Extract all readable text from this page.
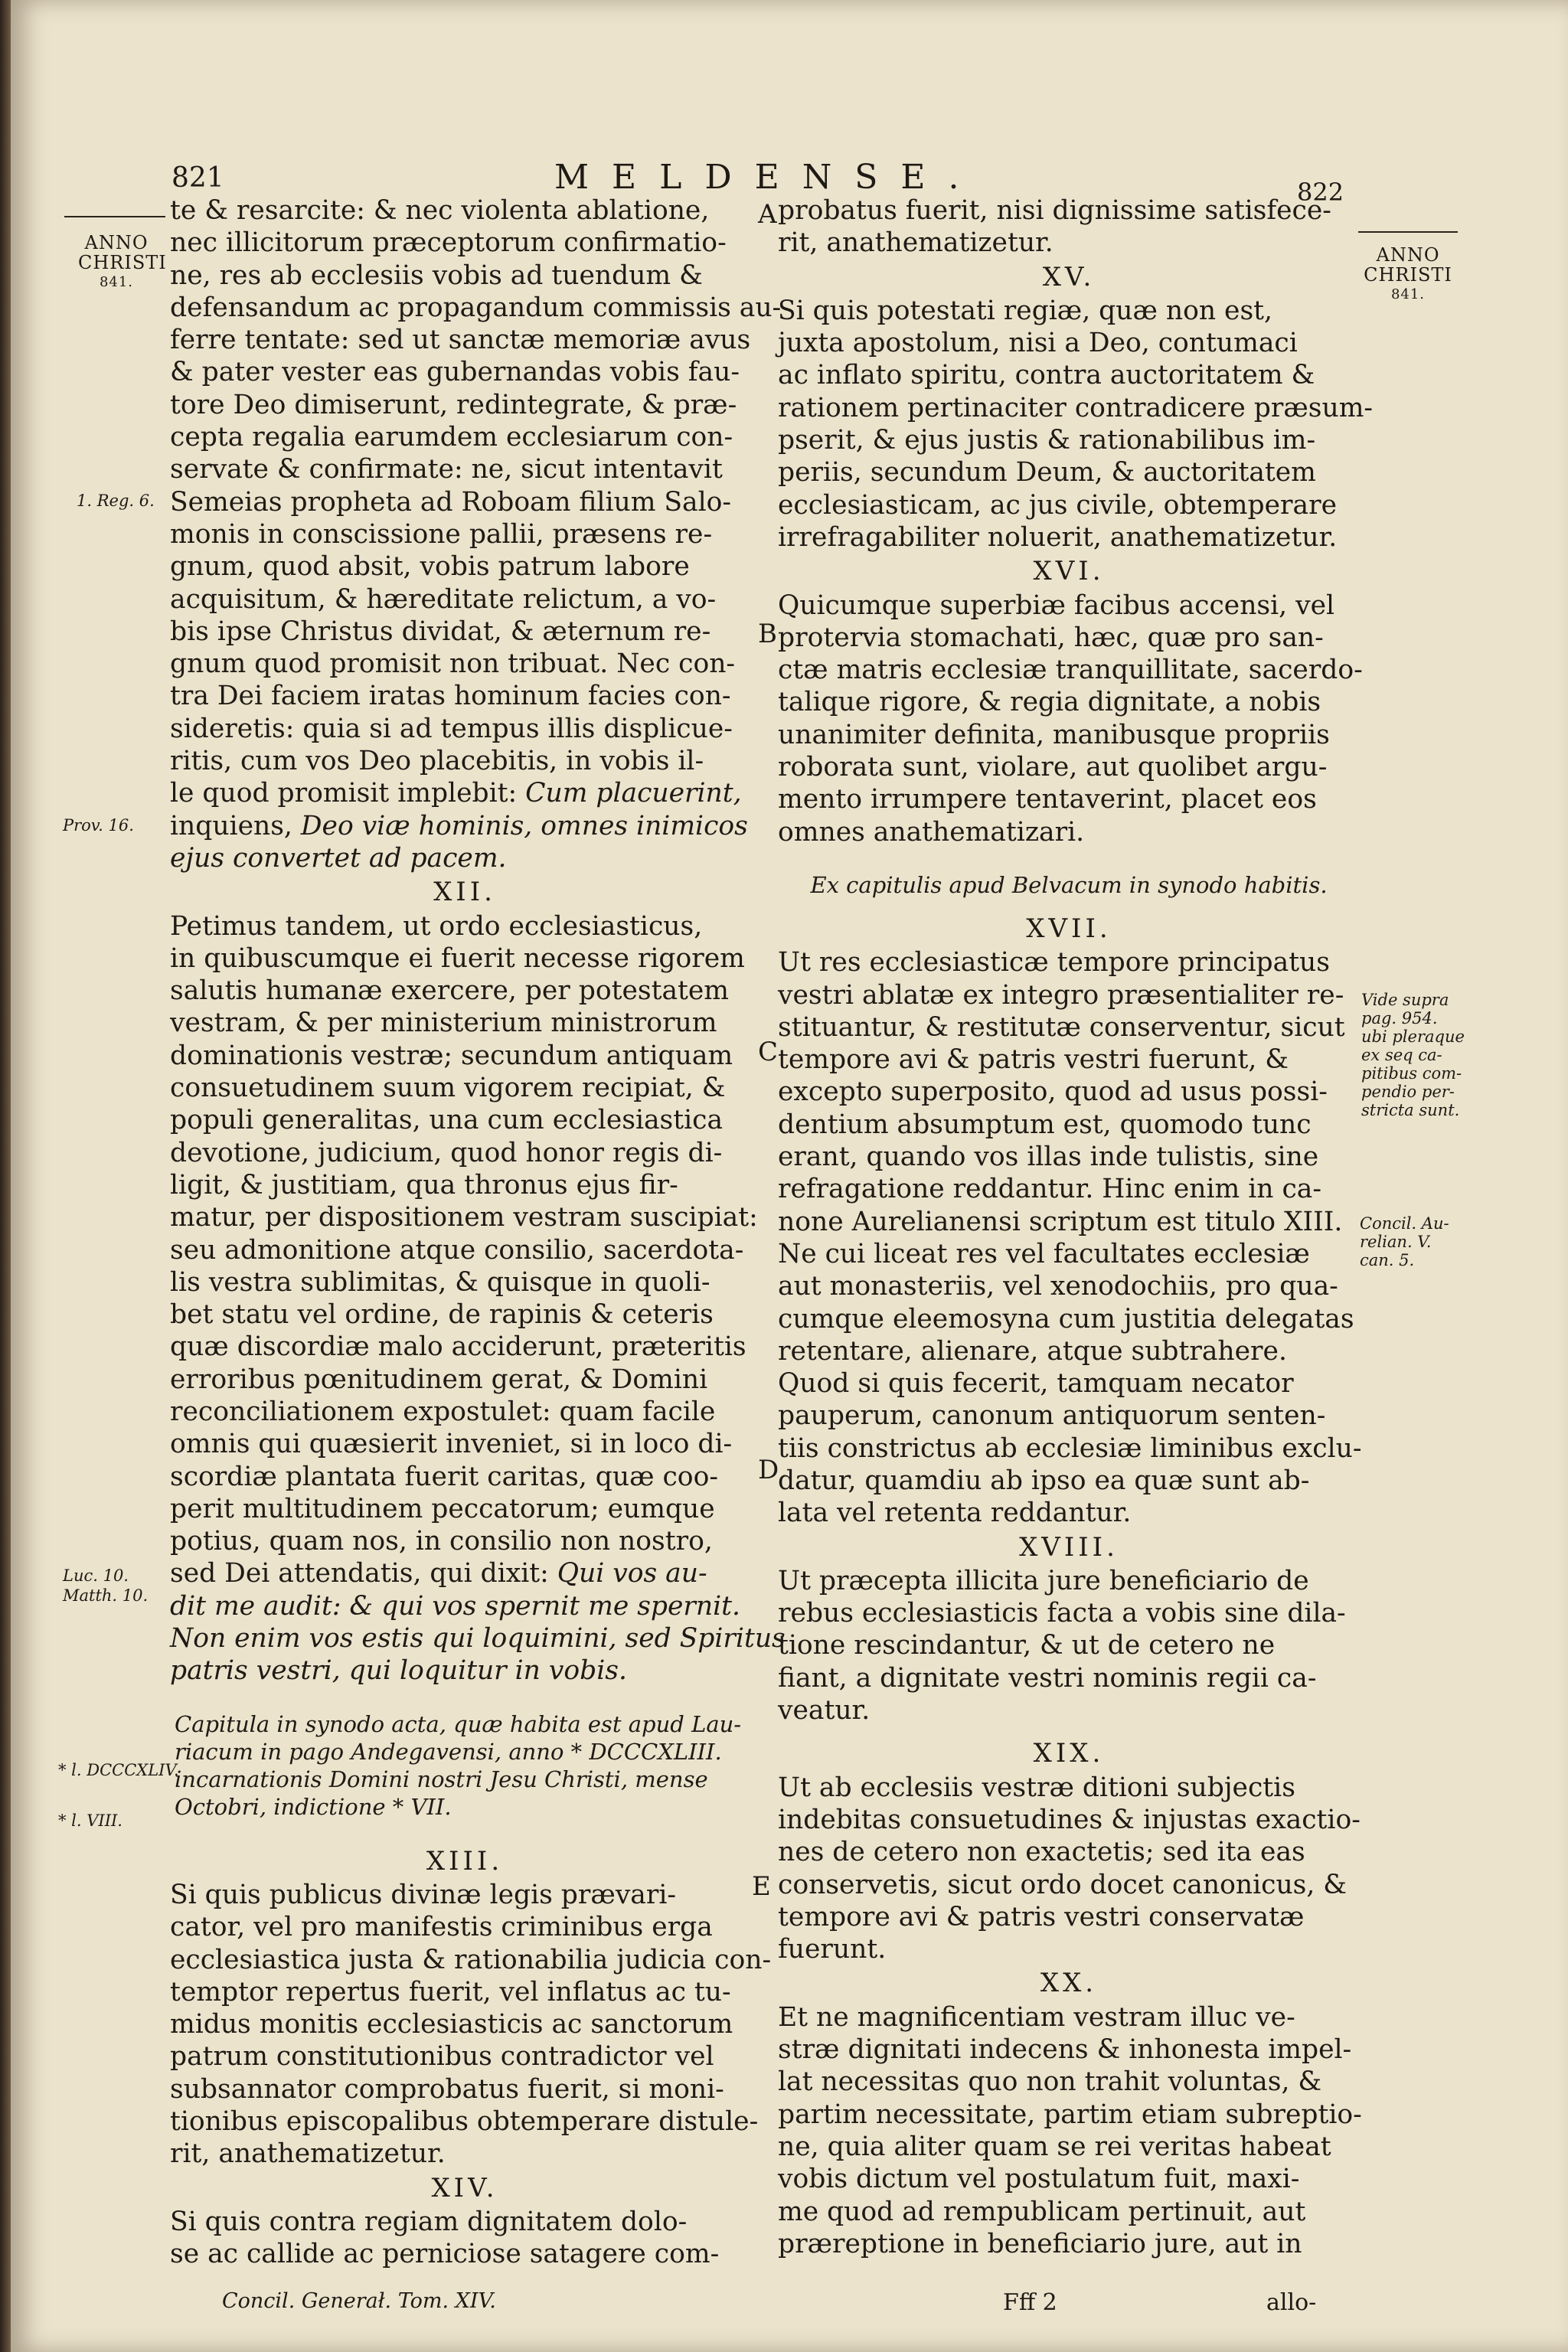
821	MELDENSE.	822
ANNO
CHRISTI
841.
ANNO
CHRISTI
841.
1. Reg. 6.
Prov. 16.
Luc. 10.
Matth. 10.
* l. DCCCXLIV.
* l. VIII.
Vide supra
pag. 954.
ubi pleraque
ex seq ca-
pitibus com-
pendio per-
stricta sunt.
Concil. Au-
relian. V.
can. 5.
A
B
C
D
E

te & resarcite: & nec violenta ablatione,

nec illicitorum præceptorum confirmatio-

ne, res ab ecclesiis vobis ad tuendum &

defensandum ac propagandum commissis au-

ferre tentate: sed ut sanctæ memoriæ avus

& pater vester eas gubernandas vobis fau-

tore Deo dimiserunt, redintegrate, & præ-

cepta regalia earumdem ecclesiarum con-

servate & confirmate: ne, sicut intentavit

Semeias propheta ad Roboam filium Salo-

monis in conscissione pallii, præsens re-

gnum, quod absit, vobis patrum labore

acquisitum, & hæreditate relictum, a vo-

bis ipse Christus dividat, & æternum re-

gnum quod promisit non tribuat. Nec con-

tra Dei faciem iratas hominum facies con-

sideretis: quia si ad tempus illis displicue-

ritis, cum vos Deo placebitis, in vobis il-

le quod promisit implebit: Cum placuerint,

inquiens, Deo viæ hominis, omnes inimicos

ejus convertet ad pacem.

XII.

Petimus tandem, ut ordo ecclesiasticus,

in quibuscumque ei fuerit necesse rigorem

salutis humanæ exercere, per potestatem

vestram, & per ministerium ministrorum

dominationis vestræ; secundum antiquam

consuetudinem suum vigorem recipiat, &

populi generalitas, una cum ecclesiastica

devotione, judicium, quod honor regis di-

ligit, & justitiam, qua thronus ejus fir-

matur, per dispositionem vestram suscipiat:

seu admonitione atque consilio, sacerdota-

lis vestra sublimitas, & quisque in quoli-

bet statu vel ordine, de rapinis & ceteris

quæ discordiæ malo acciderunt, præteritis

erroribus pœnitudinem gerat, & Domini

reconciliationem expostulet: quam facile

omnis qui quæsierit inveniet, si in loco di-

scordiæ plantata fuerit caritas, quæ coo-

perit multitudinem peccatorum; eumque

potius, quam nos, in consilio non nostro,

sed Dei attendatis, qui dixit: Qui vos au-

dit me audit: & qui vos spernit me spernit.

Non enim vos estis qui loquimini, sed Spiritus

patris vestri, qui loquitur in vobis.

Capitula in synodo acta, quæ habita est apud Lau-

riacum in pago Andegavensi, anno * DCCCXLIII.

incarnationis Domini nostri Jesu Christi, mense

Octobri, indictione * VII.

XIII.

Si quis publicus divinæ legis prævari-

cator, vel pro manifestis criminibus erga

ecclesiastica justa & rationabilia judicia con-

temptor repertus fuerit, vel inflatus ac tu-

midus monitis ecclesiasticis ac sanctorum

patrum constitutionibus contradictor vel

subsannator comprobatus fuerit, si moni-

tionibus episcopalibus obtemperare distule-

rit, anathematizetur.

XIV.

Si quis contra regiam dignitatem dolo-

se ac callide ac perniciose satagere com-

probatus fuerit, nisi dignissime satisfece-

rit, anathematizetur.

XV.

Si quis potestati regiæ, quæ non est,

juxta apostolum, nisi a Deo, contumaci

ac inflato spiritu, contra auctoritatem &

rationem pertinaciter contradicere præsum-

pserit, & ejus justis & rationabilibus im-

periis, secundum Deum, & auctoritatem

ecclesiasticam, ac jus civile, obtemperare

irrefragabiliter noluerit, anathematizetur.

XVI.

Quicumque superbiæ facibus accensi, vel

protervia stomachati, hæc, quæ pro san-

ctæ matris ecclesiæ tranquillitate, sacerdo-

talique rigore, & regia dignitate, a nobis

unanimiter definita, manibusque propriis

roborata sunt, violare, aut quolibet argu-

mento irrumpere tentaverint, placet eos

omnes anathematizari.

Ex capitulis apud Belvacum in synodo habitis.

XVII.

Ut res ecclesiasticæ tempore principatus

vestri ablatæ ex integro præsentialiter re-

stituantur, & restitutæ conserventur, sicut

tempore avi & patris vestri fuerunt, &

excepto superposito, quod ad usus possi-

dentium absumptum est, quomodo tunc

erant, quando vos illas inde tulistis, sine

refragatione reddantur. Hinc enim in ca-

none Aurelianensi scriptum est titulo XIII.

Ne cui liceat res vel facultates ecclesiæ

aut monasteriis, vel xenodochiis, pro qua-

cumque eleemosyna cum justitia delegatas

retentare, alienare, atque subtrahere.

Quod si quis fecerit, tamquam necator

pauperum, canonum antiquorum senten-

tiis constrictus ab ecclesiæ liminibus exclu-

datur, quamdiu ab ipso ea quæ sunt ab-

lata vel retenta reddantur.

XVIII.

Ut præcepta illicita jure beneficiario de

rebus ecclesiasticis facta a vobis sine dila-

tione rescindantur, & ut de cetero ne

fiant, a dignitate vestri nominis regii ca-

veatur.

XIX.

Ut ab ecclesiis vestræ ditioni subjectis

indebitas consuetudines & injustas exactio-

nes de cetero non exactetis; sed ita eas

conservetis, sicut ordo docet canonicus, &

tempore avi & patris vestri conservatæ

fuerunt.

XX.

Et ne magnificentiam vestram illuc ve-

stræ dignitati indecens & inhonesta impel-

lat necessitas quo non trahit voluntas, &

partim necessitate, partim etiam subreptio-

ne, quia aliter quam se rei veritas habeat

vobis dictum vel postulatum fuit, maxi-

me quod ad rempublicam pertinuit, aut

præreptione in beneficiario jure, aut in

Concil. Generał. Tom. XIV.	Fff 2	allo-
